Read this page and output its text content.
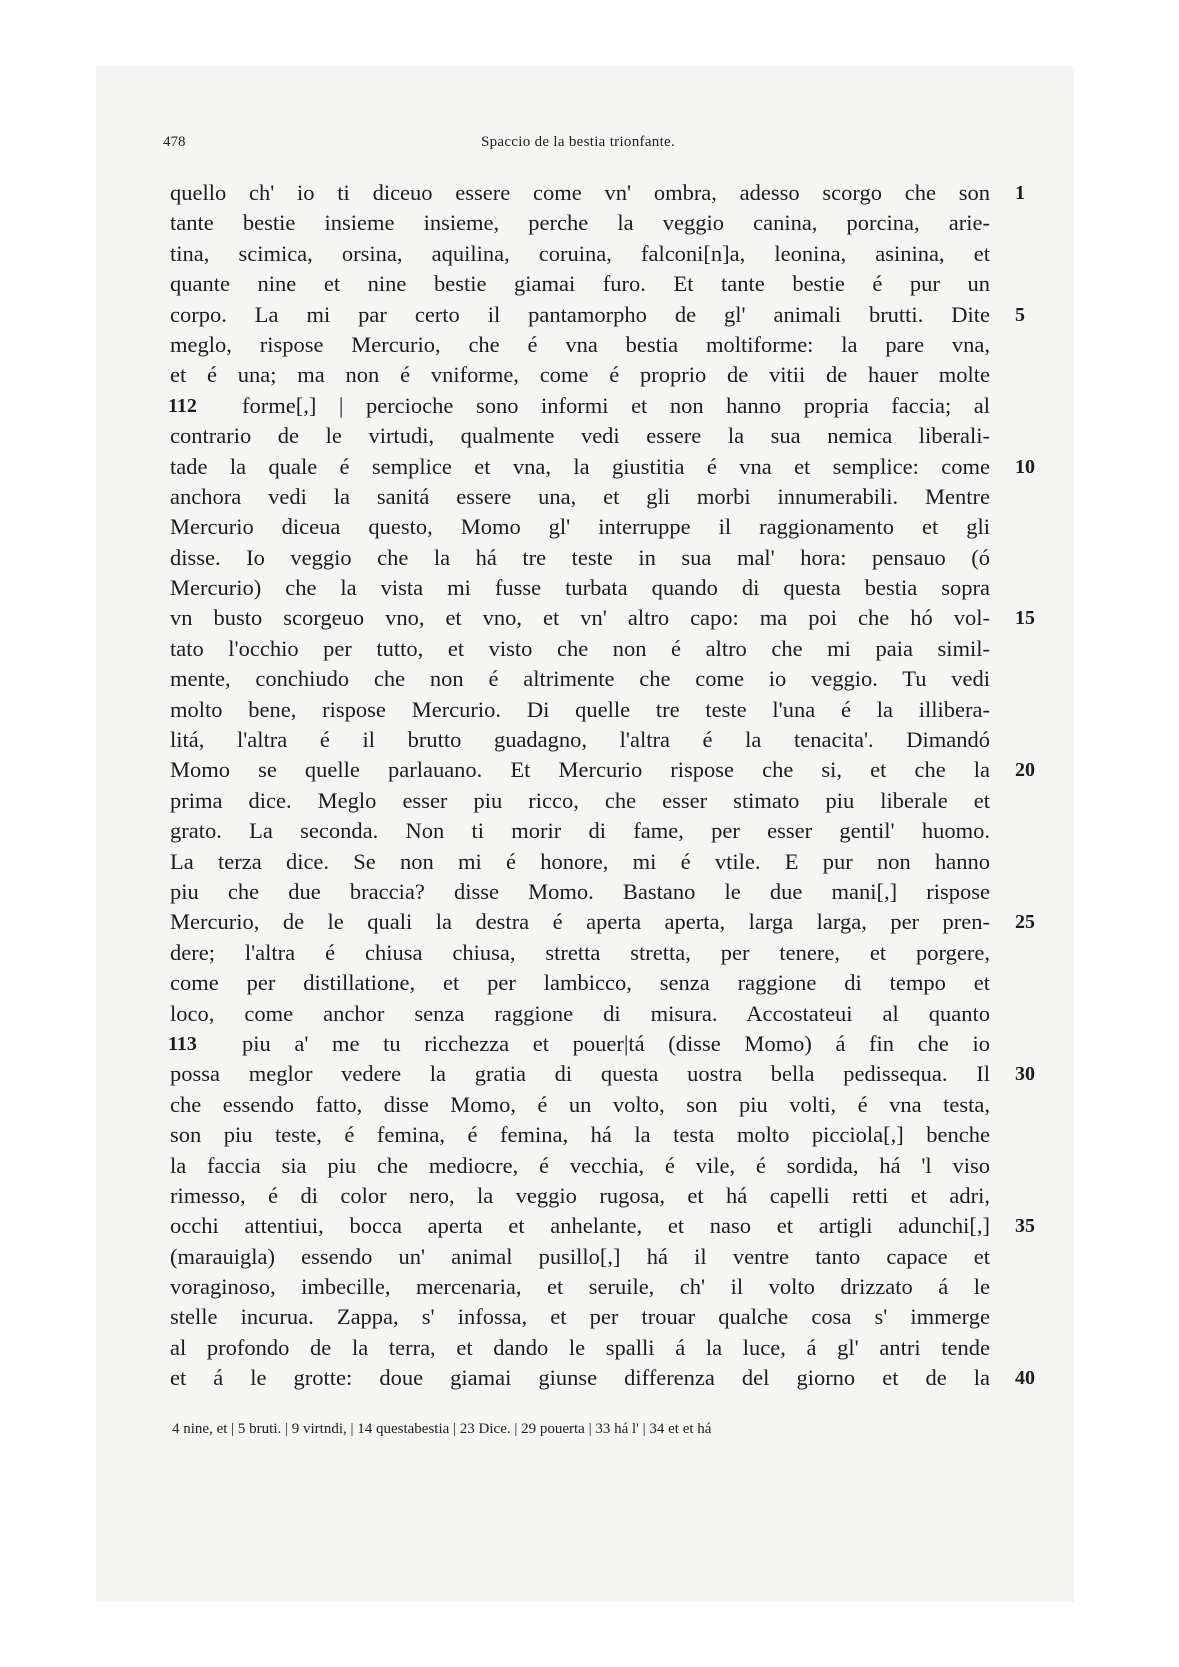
478	Spaccio de la bestia trionfante.
quello ch' io ti diceuo essere come vn' ombra, adesso scorgo che son 1
tante bestie insieme insieme, perche la veggio canina, porcina, arie-
tina, scimica, orsina, aquilina, coruina, falconi[n]a, leonina, asinina, et
quante nine et nine bestie giamai furo. Et tante bestie é pur un
corpo. La mi par certo il pantamorpho de gl' animali brutti. Dite 5
meglo, rispose Mercurio, che é vna bestia moltiforme: la pare vna,
et é una; ma non é vniforme, come é proprio de vitii de hauer molte
112 forme[,] | percioche sono informi et non hanno propria faccia; al
contrario de le virtudi, qualmente vedi essere la sua nemica liberali-
tade la quale é semplice et vna, la giustitia é vna et semplice: come 10
anchora vedi la sanitá essere una, et gli morbi innumerabili. Mentre
Mercurio diceua questo, Momo gl' interruppe il raggionamento et gli
disse. Io veggio che la há tre teste in sua mal' hora: pensauo (ó
Mercurio) che la vista mi fusse turbata quando di questa bestia sopra
vn busto scorgeuo vno, et vno, et vn' altro capo: ma poi che hó vol- 15
tato l'occhio per tutto, et visto che non é altro che mi paia simil-
mente, conchiudo che non é altrimente che come io veggio. Tu vedi
molto bene, rispose Mercurio. Di quelle tre teste l'una é la illibera-
litá, l'altra é il brutto guadagno, l'altra é la tenacita'. Dimandó
Momo se quelle parlauano. Et Mercurio rispose che si, et che la 20
prima dice. Meglo esser piu ricco, che esser stimato piu liberale et
grato. La seconda. Non ti morir di fame, per esser gentil' huomo.
La terza dice. Se non mi é honore, mi é vtile. E pur non hanno
piu che due braccia? disse Momo. Bastano le due mani[,] rispose
Mercurio, de le quali la destra é aperta aperta, larga larga, per pren- 25
dere; l'altra é chiusa chiusa, stretta stretta, per tenere, et porgere,
come per distillatione, et per lambicco, senza raggione di tempo et
loco, come anchor senza raggione di misura. Accostateui al quanto
113 piu a' me tu ricchezza et pouer|tá (disse Momo) á fin che io
possa meglor vedere la gratia di questa uostra bella pedissequa. Il 30
che essendo fatto, disse Momo, é un volto, son piu volti, é vna testa,
son piu teste, é femina, é femina, há la testa molto picciola[,] benche
la faccia sia piu che mediocre, é vecchia, é vile, é sordida, há 'l viso
rimesso, é di color nero, la veggio rugosa, et há capelli retti et adri,
occhi attentiui, bocca aperta et anhelante, et naso et artigli adunchi[,] 35
(marauigla) essendo un' animal pusillo[,] há il ventre tanto capace et
voraginoso, imbecille, mercenaria, et seruile, ch' il volto drizzato á le
stelle incurua. Zappa, s' infossa, et per trouar qualche cosa s' immerge
al profondo de la terra, et dando le spalli á la luce, á gl' antri tende
et á le grotte: doue giamai giunse differenza del giorno et de la 40
4 nine, et | 5 bruti. | 9 virtndi, | 14 questabestia | 23 Dice. | 29 pouerta | 33 há l' | 34 et et há
